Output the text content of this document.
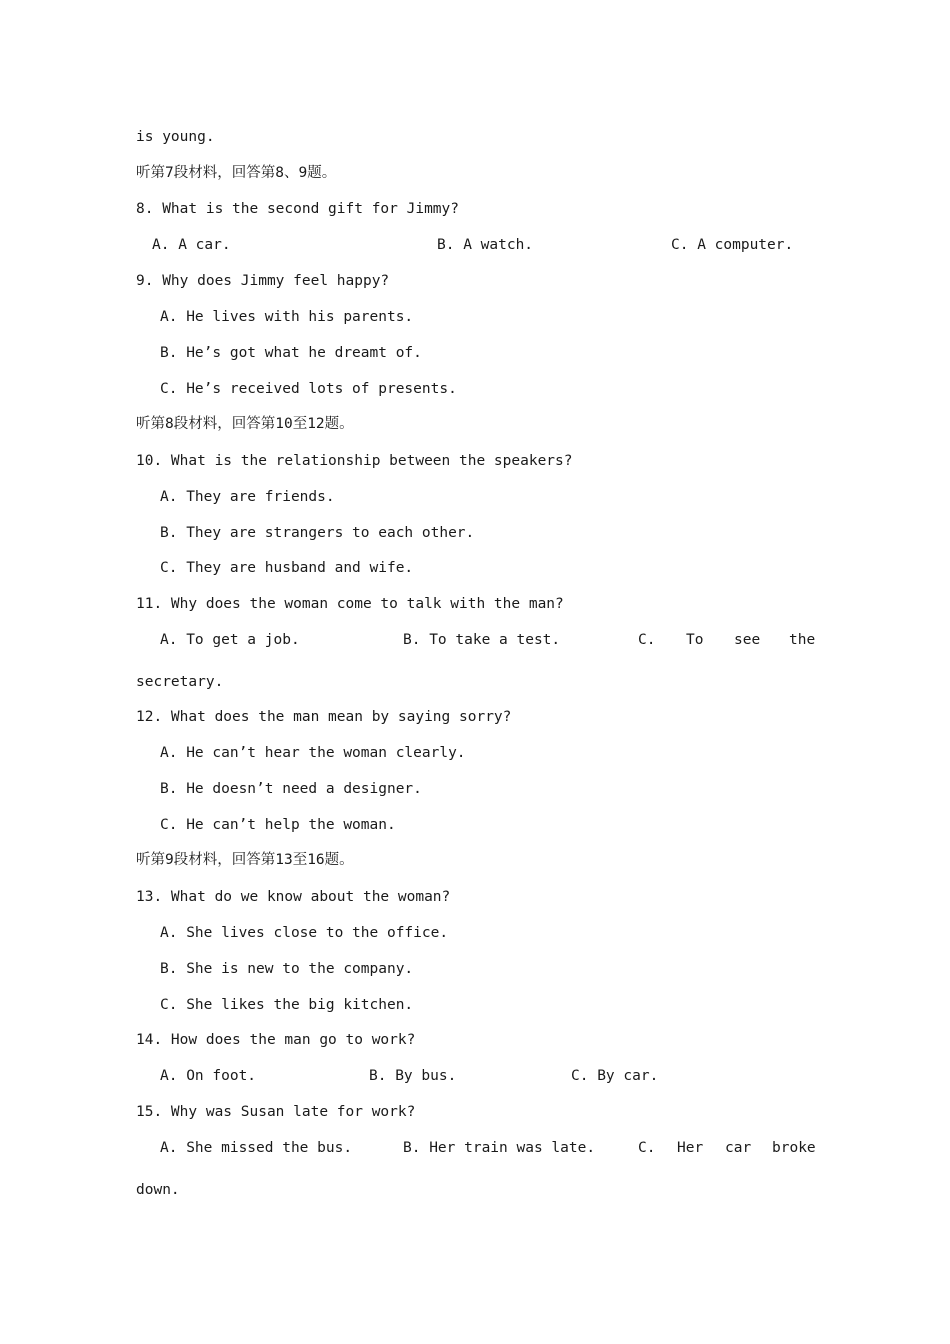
is young.
听第7段材料，回答第8、9题。
8. What is the second gift for Jimmy?
A. A car.	B. A watch.	C. A computer.
9. Why does Jimmy feel happy?
A. He lives with his parents.
B. He’s got what he dreamt of.
C. He’s received lots of presents.
听第8段材料，回答第10至12题。
10. What is the relationship between the speakers?
A. They are friends.
B. They are strangers to each other.
C. They are husband and wife.
11. Why does the woman come to talk with the man?
A. To get a job.	B. To take a test.	C. To see the
secretary.
12. What does the man mean by saying sorry?
A. He can’t hear the woman clearly.
B. He doesn’t need a designer.
C. He can’t help the woman.
听第9段材料，回答第13至16题。
13. What do we know about the woman?
A. She lives close to the office.
B. She is new to the company.
C. She likes the big kitchen.
14. How does the man go to work?
A. On foot.	B. By bus.	C. By car.
15. Why was Susan late for work?
A. She missed the bus.	B. Her train was late.	C. Her car broke
down.
